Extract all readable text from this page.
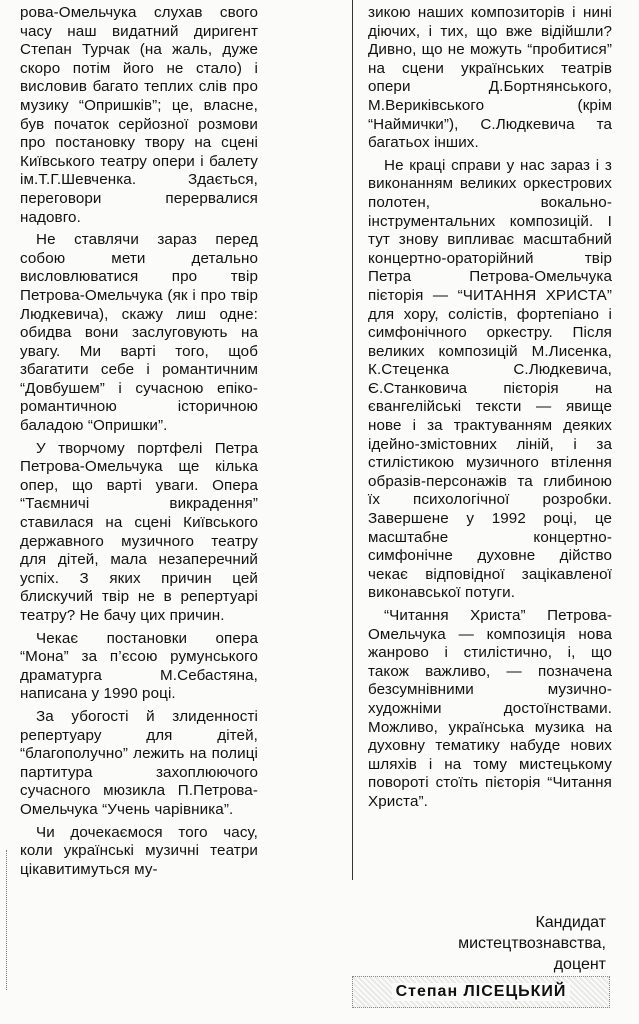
рова-Омельчука слухав свого часу наш видатний диригент Степан Турчак (на жаль, дуже скоро потім його не стало) і висловив багато теплих слів про музику “Опришків”; це, власне, був початок серйозної розмови про постановку твору на сцені Київського театру опери і балету ім.Т.Г.Шевченка. Здається, переговори перервалися надовго.

Не ставлячи зараз перед собою мети детально висловлюватися про твір Петрова-Омельчука (як і про твір Людкевича), скажу лиш одне: обидва вони заслуговують на увагу. Ми варті того, щоб збагатити себе і романтичним “Довбушем” і сучасною епіко-романтичною історичною баладою “Опришки”.

У творчому портфелі Петра Петрова-Омельчука ще кілька опер, що варті уваги. Опера “Таємничі викрадення” ставилася на сцені Київського державного музичного театру для дітей, мала незаперечний успіх. З яких причин цей блискучий твір не в репертуарі театру? Не бачу цих причин.

Чекає постановки опера “Мона” за п’єсою румунського драматурга М.Себастяна, написана у 1990 році.

За убогості й злиденності репертуару для дітей, “благополучно” лежить на полиці партитура захоплюючого сучасного мюзикла П.Петрова-Омельчука “Учень чарівника”.

Чи дочекаємося того часу, коли українські музичні театри цікавитимуться му-

зикою наших композиторів і нині діючих, і тих, що вже відійшли? Дивно, що не можуть “пробитися” на сцени українських театрів опери Д.Бортнянського, М.Вериківського (крім “Наймички”), С.Людкевича та багатьох інших.

Не краці справи у нас зараз і з виконанням великих оркестрових полотен, вокально-інструментальних композицій. І тут знову випливає масштабний концертно-ораторійний твір Петра Петрова-Омельчука пієторія — “ЧИТАННЯ ХРИСТА” для хору, солістів, фортепіано і симфонічного оркестру. Після великих композицій М.Лисенка, К.Стеценка С.Людкевича, Є.Станковича пієторія на євангелійські тексти — явище нове і за трактуванням деяких ідейно-змістовних ліній, і за стилістикою музичного втілення образів-персонажів та глибиною їх психологічної розробки. Завершене у 1992 році, це масштабне концертно-симфонічне духовне дійство чекає відповідної зацікавленої виконавської потуги.

“Читання Христа” Петрова-Омельчука — композиція нова жанрово і стилістично, і, що також важливо, — позначена безсумнівними музично-художніми достоїнствами. Можливо, українська музика на духовну тематику набуде нових шляхів і на тому мистецькому повороті стоїть пієторія “Читання Христа”.

Кандидат
мистецтвознавства,
доцент
Степан ЛІСЕЦЬКИЙ
